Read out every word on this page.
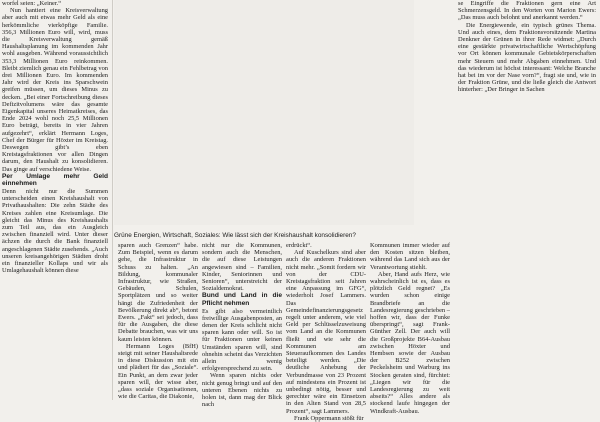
Grüne Energien, Wirtschaft, Soziales: Wie lässt sich der Kreishaushalt konsolidieren?

worfel seien: „Keiner.“

Nun hantiert eine Kreisverwaltung aber auch mit etwas mehr Geld als eine herkömmliche vierköpfige Familie. 356,3 Millionen Euro will, wird, muss die Kreisverwaltung gemäß Haushaltsplanung im kommenden Jahr wohl ausgeben. Während voraussichtlich 353,3 Millionen Euro reinkommen. Bleibt ziemlich genau ein Fehlbetrag von drei Millionen Euro. Im kommenden Jahr wird der Kreis ins Sparschwein greifen müssen, um dieses Minus zu decken. „Bei einer Fortschreibung dieses Defizitvolumens wäre das gesamte Eigenkapital unseres Heimatkreises, das Ende 2024 wohl noch 25,5 Millionen Euro beträgt, bereits in vier Jahren aufgezehrt“, erklärt Hermann Loges, Chef der Bürger für Höxter im Kreistag. Deswegen gibt’s eben Kreistagsfraktionen vor allen Dingen darum, den Haushalt zu konsolidieren. Das ginge auf verschiedene Weise.

Per Umlage mehr Geld einnehmen

Denn nicht nur die Summen unterscheiden einen Kreishaushalt von Privathaushalten: Die zehn Städte des Kreises zahlen eine Kreisumlage. Die gleicht das Minus des Kreishaushalts zum Teil aus, das ein Ausgleich zwischen finanziell wird. Unter dieser ächzen die durch die Bank finanziell angeschlagenen Städte zusehends. „Auch unseren kreisangehörigen Städten droht ein finanzieller Kollaps und wir als Umlagehaushalt können diese

sparen auch Grenzen“ habe. Zum Beispiel, wenn es darum gehe, die Infrastruktur in Schuss zu halten. „An Bildung, kommunaler Infrastruktur, wie Straßen, Gebäuden, Schulen, Sportplätzen und so weiter hängt die Zufriedenheit der Bevölkerung direkt ab“, betont Ewers. „Fakt“ sei jedoch, dass für die Ausgaben, die diese Debatte brauchen, was wir uns kaum leisten können.

Hermann Loges (BfH) steigt mit seiner Haushaltsrede in diese Diskussion mit ein und plädiert für das „Soziale“. Ein Punkt, an dem zwar jeder sparen will, der wisse aber, „dass soziale Organisationen, wie die Caritas, die Diakonie,

nicht nur die Kommunen, sondern auch die Menschen, die auf diese Leistungen angewiesen sind – Familien, Kinder, Seniorinnen und Senioren“, unterstreicht der Sozialdemokrat.

Bund und Land in die Pflicht nehmen

Es gibt also vermeintlich freiwillige Ausgabenposten, an denen der Kreis schlicht nicht sparen kann oder will. So ist für Fraktionen unter keinen Umständen sparen will, sind ohnehin scheint das Verzichten allein wenig erfolgversprechend zu sein.

Wenn sparen nichts oder nicht genug bringt und auf den unteren Ebenen nichts zu holen ist, dann mag der Blick nach

erdrückt“.

Auf Kuschelkurs sind aber auch die anderen Fraktionen nicht mehr. „Somit fordern wir von der CDU-Kreistagsfraktion seit Jahren eine Anpassung im GFG“, wiederholt Josef Lammers. Das Gemeindefinanzierungsgesetz regelt unter anderem, wie viel Geld per Schlüsselzuweisung vom Land an die Kommunen fließt und wie sehr die Kommunen am Steueraufkommen des Landes beteiligt werden. „Die deutliche Anhebung der Verbundmasse von 23 Prozent auf mindestens ein Prozent ist unbedingt nötig, besser und gerechter wäre ein Einsetzen in den Alten Stand von 28,5 Prozent“, sagt Lammers.

Frank Oppermann stößt für

Kommunen immer wieder auf den Kosten sitzen bleiben, während das Land sich aus der Verantwortung stiehlt.

Aber, Hand aufs Herz, wie wahrscheinlich ist es, dass es plötzlich Geld regnet? „Es wurden schon einige Brandbriefe an die Landesregierung geschrieben – hoffen wir, dass der Funke überspringt“, sagt Frank-Günther Zell. Der auch will die Großprojekte B64-Ausbau zwischen Höxter und Hembsen sowie der Ausbau der B252 zwischen Peckelsheim und Warburg ins Stocken geraten sind, fürchtet: „Liegen wir für die Landesregierung zu weit abseits?“ Alles andere als stockend laufe hingegen der Windkraft-Ausbau.

se Eingriffe die Fraktionen gern eine Art Schmerzensgeld. In den Worten von Marion Ewers: „Das muss auch belohnt und anerkannt werden.“

Die Energiewende, ein typisch grünes Thema. Und auch eines, dem Fraktionsvorsitzende Martina Denkner der Grünen in ihrer Rede widmet: „Durch eine gestärkte privatwirtschaftliche Wertschöpfung vor Ort können kommunale Gebietskörperschaften mehr Steuern und mehr Abgaben einnehmen. Und das wiederum ist höchst interessant: Welche Branche hat bei im vor der Nase vorn?“, fragt sie und, wie in der Fraktion Grüne, und die ließe gleich die Antwort hinterher: „Der Bringer in Sachen
